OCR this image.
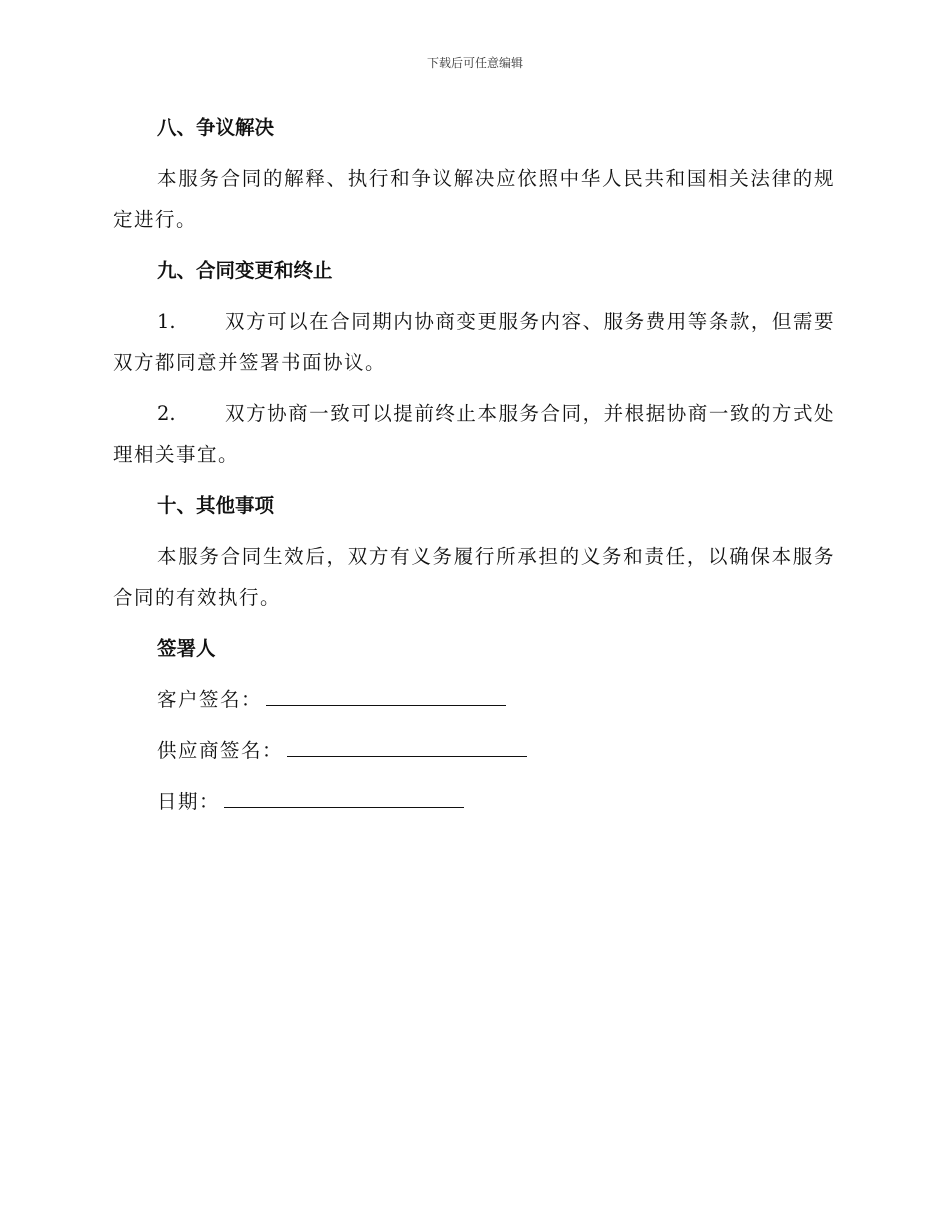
下载后可任意编辑
八、争议解决
本服务合同的解释、执行和争议解决应依照中华人民共和国相关法律的规定进行。
九、合同变更和终止
1.	双方可以在合同期内协商变更服务内容、服务费用等条款，但需要双方都同意并签署书面协议。
2.	双方协商一致可以提前终止本服务合同，并根据协商一致的方式处理相关事宜。
十、其他事项
本服务合同生效后，双方有义务履行所承担的义务和责任，以确保本服务合同的有效执行。
签署人
客户签名：
供应商签名：
日期：
